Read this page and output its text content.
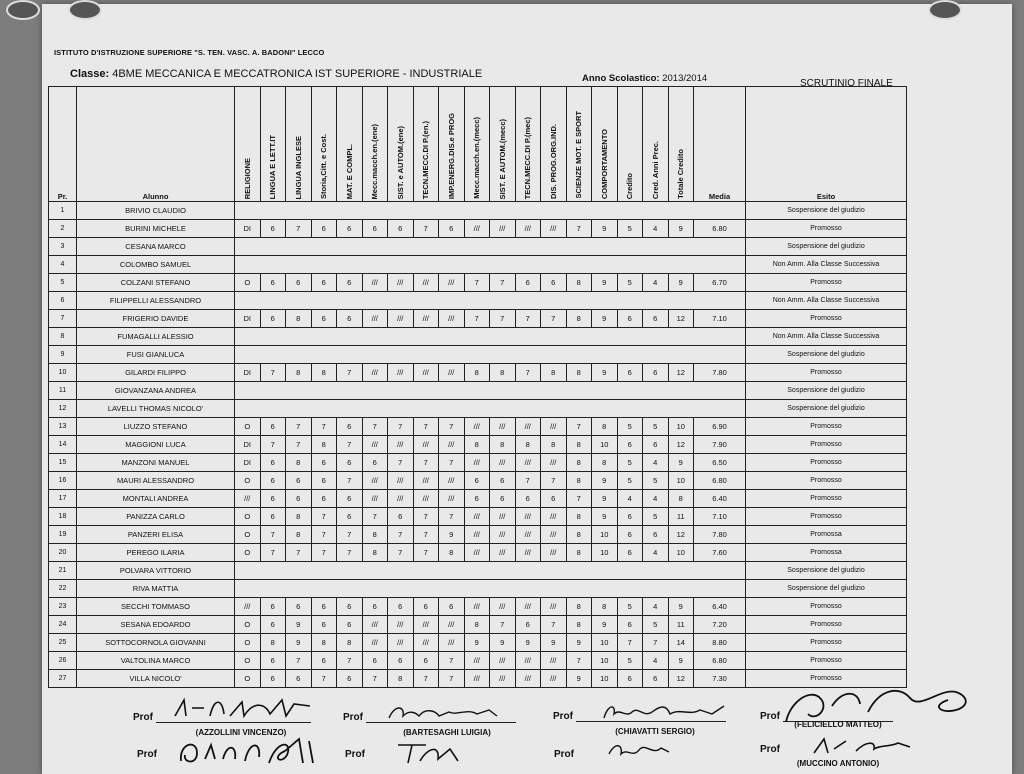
ISTITUTO D'ISTRUZIONE SUPERIORE "S. TEN. VASC. A. BADONI" LECCO
Classe: 4BME MECCANICA E MECCATRONICA IST SUPERIORE - INDUSTRIALE	Anno Scolastico: 2013/2014	SCRUTINIO FINALE
Pr.	Alunno	RELIGIONE	LINGUA E LETT.IT	LINGUA INGLESE	Storia,Citt. e Cost.	MAT. E COMPL.	Mecc.macch.en.(ene)	SIST. e AUTOM.(ene)	TECN.MECC.DI P.(en.)	IMP.ENERG.DIS.e PROG	Mecc.macch.en.(mecc)	SIST. E AUTOM.(mecc)	TECN.MECC.DI P.(mec)	DIS. PROG.ORG.IND.	SCIENZE MOT. E SPORT	COMPORTAMENTO	Credito	Cred. Anni Prec.	Totale Credito	Media	Esito
1	BRIVIO CLAUDIO																				Sospensione del giudizio
2	BURINI MICHELE	DI	6	7	6	6	6	6	7	6	///	///	///	///	7	9	5	4	9	6.80	Promosso
3	CESANA MARCO																				Sospensione del giudizio
4	COLOMBO SAMUEL																				Non Amm. Alla Classe Successiva
5	COLZANI STEFANO	O	6	6	6	6	///	///	///	///	7	7	6	6	8	9	5	4	9	6.70	Promosso
6	FILIPPELLI ALESSANDRO																				Non Amm. Alla Classe Successiva
7	FRIGERIO DAVIDE	DI	6	8	6	6	///	///	///	///	7	7	7	7	8	9	6	6	12	7.10	Promosso
8	FUMAGALLI ALESSIO																				Non Amm. Alla Classe Successiva
9	FUSI GIANLUCA																				Sospensione del giudizio
10	GILARDI FILIPPO	DI	7	8	8	7	///	///	///	///	8	8	7	8	8	9	6	6	12	7.80	Promosso
11	GIOVANZANA ANDREA																				Sospensione del giudizio
12	LAVELLI THOMAS NICOLO'																				Sospensione del giudizio
13	LIUZZO STEFANO	O	6	7	7	6	7	7	7	7	///	///	///	///	7	8	5	5	10	6.90	Promosso
14	MAGGIONI LUCA	DI	7	7	8	7	///	///	///	///	8	8	8	8	8	10	6	6	12	7.90	Promosso
15	MANZONI MANUEL	DI	6	8	6	6	6	7	7	7	///	///	///	///	8	8	5	4	9	6.50	Promosso
16	MAURI ALESSANDRO	O	6	6	6	7	///	///	///	///	6	6	7	7	8	9	5	5	10	6.80	Promosso
17	MONTALI ANDREA	///	6	6	6	6	///	///	///	///	6	6	6	6	7	9	4	4	8	6.40	Promosso
18	PANIZZA CARLO	O	6	8	7	6	7	6	7	7	///	///	///	///	8	9	6	5	11	7.10	Promosso
19	PANZERI ELISA	O	7	8	7	7	8	7	7	9	///	///	///	///	8	10	6	6	12	7.80	Promossa
20	PEREGO ILARIA	O	7	7	7	7	8	7	7	8	///	///	///	///	8	10	6	4	10	7.60	Promossa
21	POLVARA VITTORIO																				Sospensione del giudizio
22	RIVA MATTIA																				Sospensione del giudizio
23	SECCHI TOMMASO	///	6	6	6	6	6	6	6	6	///	///	///	///	8	8	5	4	9	6.40	Promosso
24	SESANA EDOARDO	O	6	9	6	6	///	///	///	///	8	7	6	7	8	9	6	5	11	7.20	Promosso
25	SOTTOCORNOLA GIOVANNI	O	8	9	8	8	///	///	///	///	9	9	9	9	9	10	7	7	14	8.80	Promosso
26	VALTOLINA MARCO	O	6	7	6	7	6	6	6	7	///	///	///	///	7	10	5	4	9	6.80	Promosso
27	VILLA NICOLO'	O	6	6	7	6	7	8	7	7	///	///	///	///	9	10	6	6	12	7.30	Promosso
Prof
(AZZOLLINI VINCENZO)
Prof
(BARTESAGHI LUIGIA)
Prof
(CHIAVATTI SERGIO)
Prof
(FELICIELLO MATTEO)
Prof	Prof	Prof	Prof
(MUCCINO ANTONIO)
